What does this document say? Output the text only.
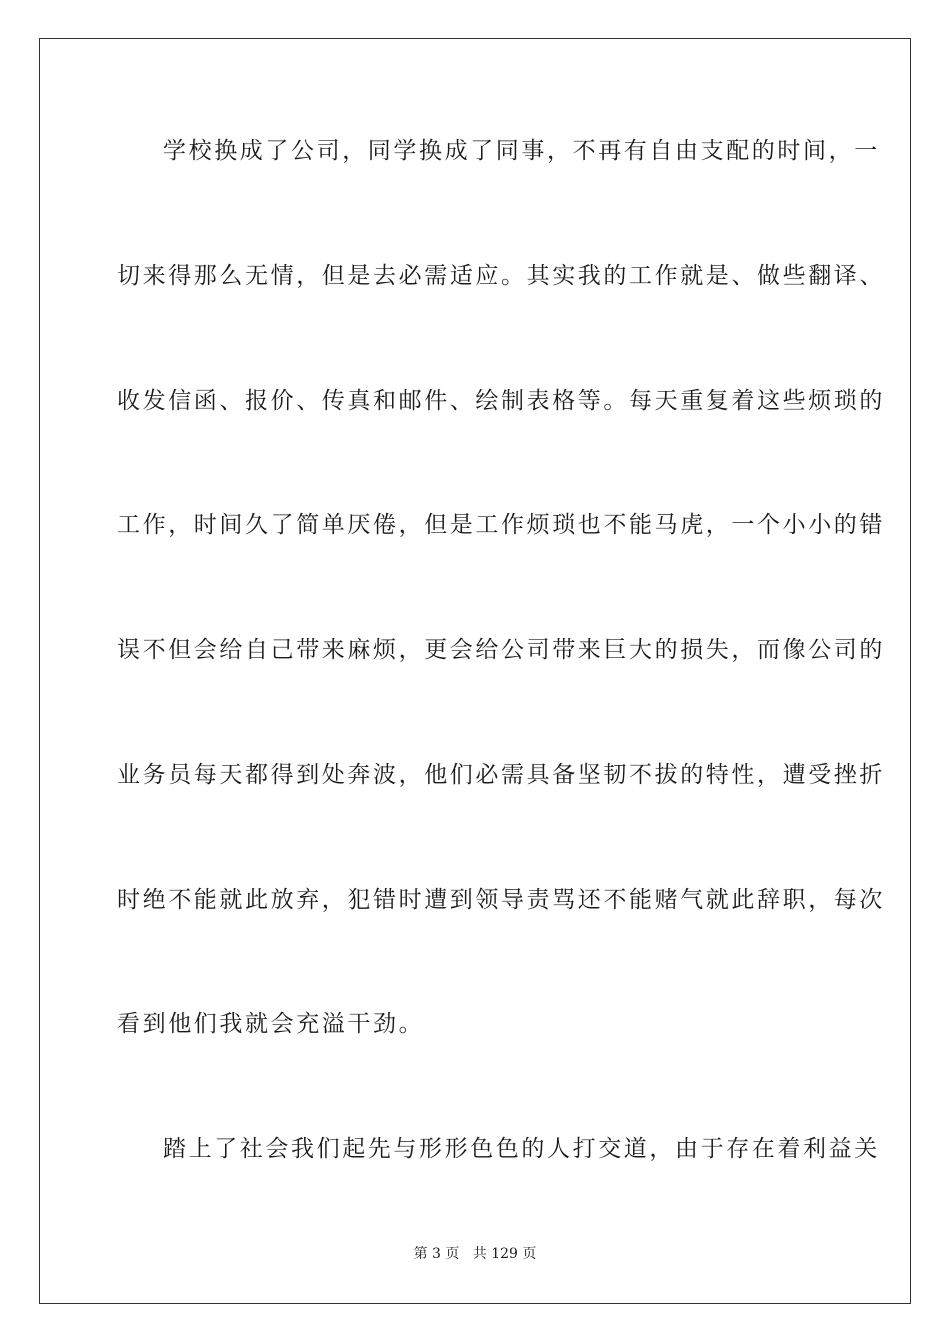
学校换成了公司，同学换成了同事，不再有自由支配的时间，一
切来得那么无情，但是去必需适应。其实我的工作就是、做些翻译、
收发信函、报价、传真和邮件、绘制表格等。每天重复着这些烦琐的
工作，时间久了简单厌倦，但是工作烦琐也不能马虎，一个小小的错
误不但会给自己带来麻烦，更会给公司带来巨大的损失，而像公司的
业务员每天都得到处奔波，他们必需具备坚韧不拔的特性，遭受挫折
时绝不能就此放弃，犯错时遭到领导责骂还不能赌气就此辞职，每次
看到他们我就会充溢干劲。
踏上了社会我们起先与形形色色的人打交道，由于存在着利益关
第 3 页 共 129 页
